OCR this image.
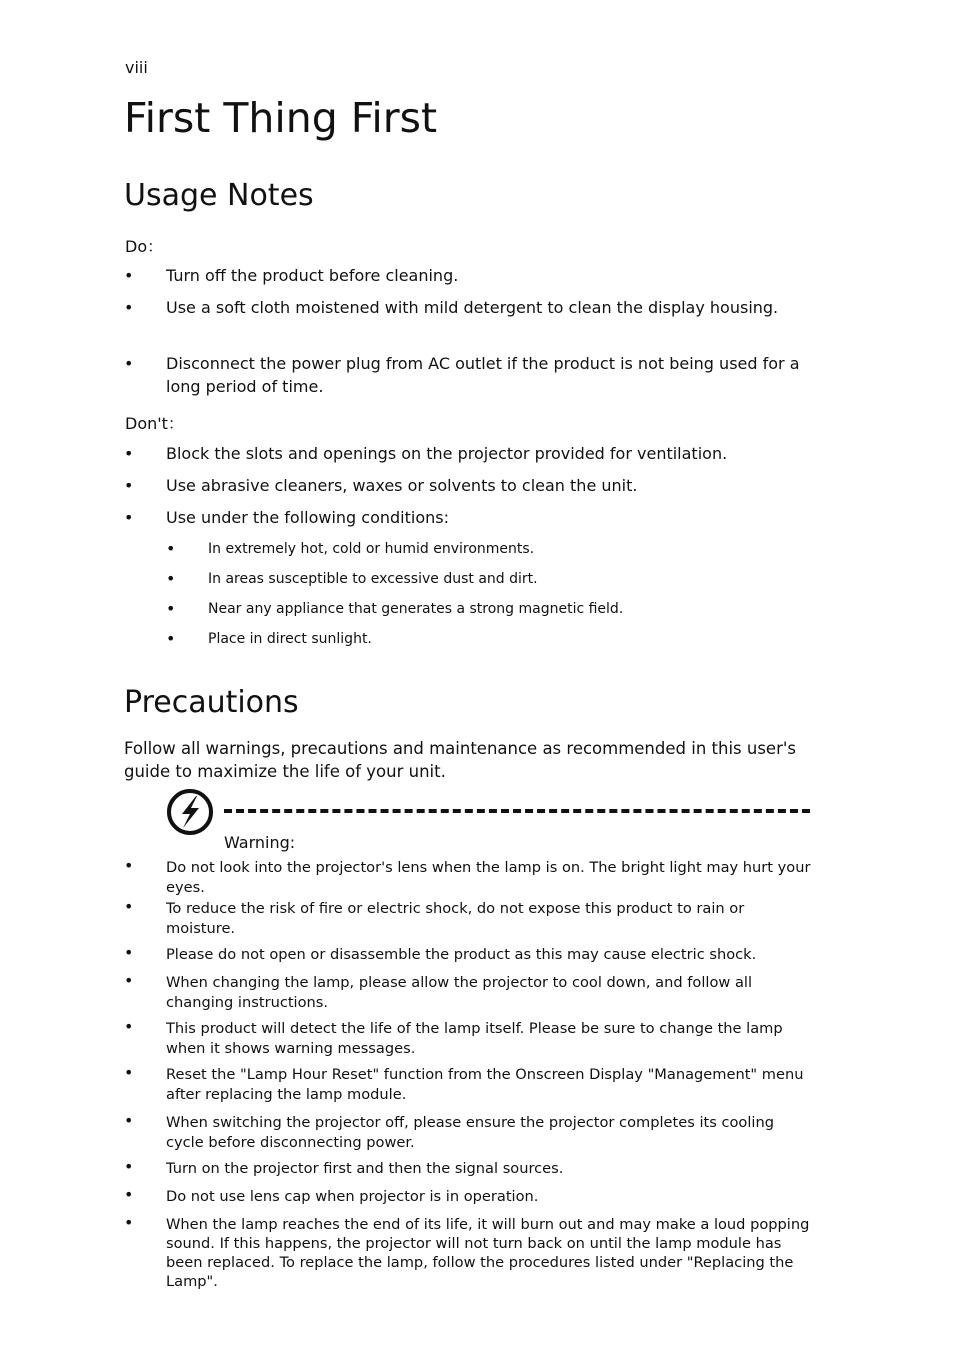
viii
First Thing First
Usage Notes
Do：
• Turn off the product before cleaning.
• Use a soft cloth moistened with mild detergent to clean the display housing.
• Disconnect the power plug from AC outlet if the product is not being used for a long period of time.
Don't：
• Block the slots and openings on the projector provided for ventilation.
• Use abrasive cleaners, waxes or solvents to clean the unit.
• Use under the following conditions:
• In extremely hot, cold or humid environments.
• In areas susceptible to excessive dust and dirt.
• Near any appliance that generates a strong magnetic field.
• Place in direct sunlight.
Precautions
Follow all warnings, precautions and maintenance as recommended in this user's guide to maximize the life of your unit.
Warning:
• Do not look into the projector's lens when the lamp is on. The bright light may hurt your eyes.
• To reduce the risk of fire or electric shock, do not expose this product to rain or moisture.
• Please do not open or disassemble the product as this may cause electric shock.
• When changing the lamp, please allow the projector to cool down, and follow all changing instructions.
• This product will detect the life of the lamp itself. Please be sure to change the lamp when it shows warning messages.
• Reset the "Lamp Hour Reset" function from the Onscreen Display "Management" menu after replacing the lamp module.
• When switching the projector off, please ensure the projector completes its cooling cycle before disconnecting power.
• Turn on the projector first and then the signal sources.
• Do not use lens cap when projector is in operation.
• When the lamp reaches the end of its life, it will burn out and may make a loud popping sound. If this happens, the projector will not turn back on until the lamp module has been replaced. To replace the lamp, follow the procedures listed under "Replacing the Lamp".
